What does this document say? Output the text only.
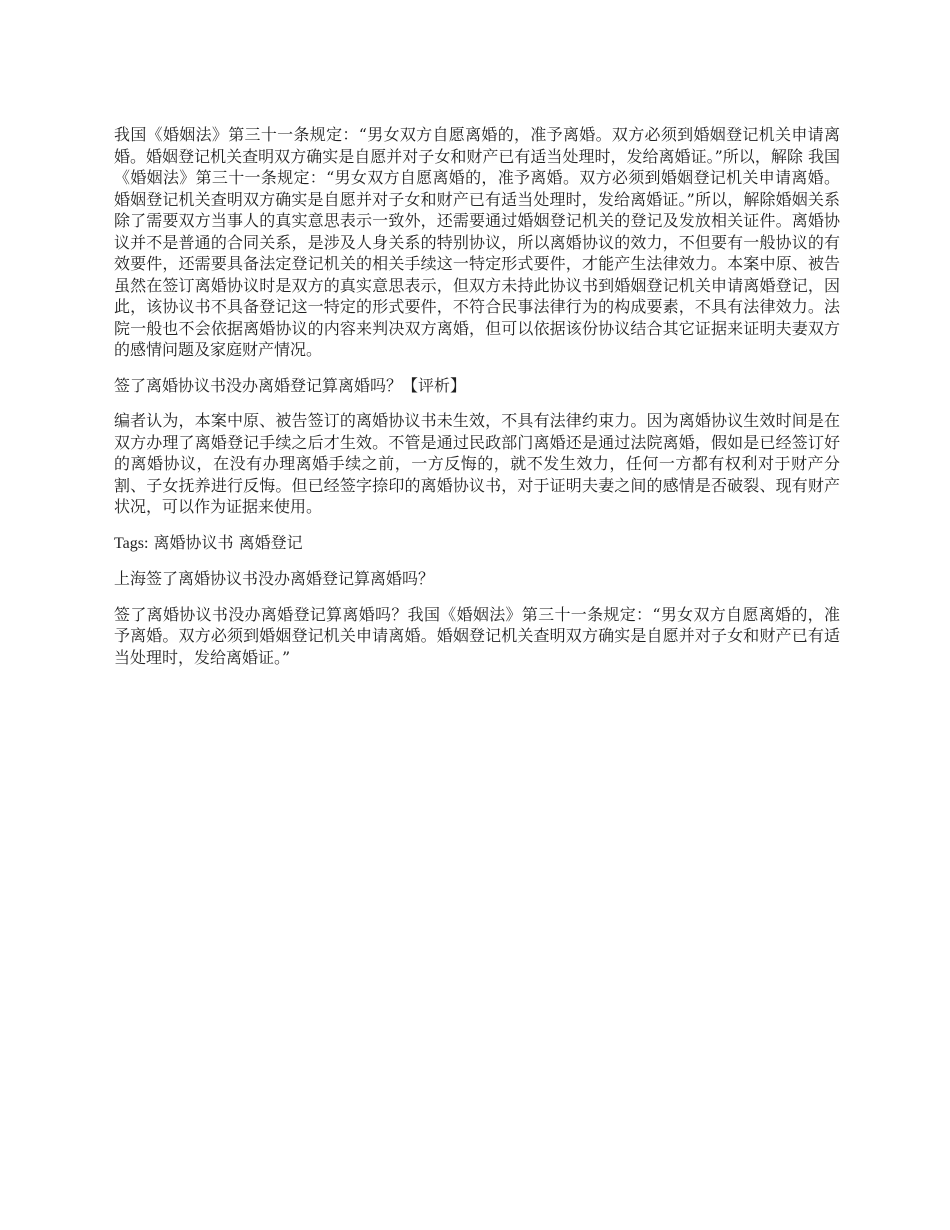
我国《婚姻法》第三十一条规定：“男女双方自愿离婚的，准予离婚。双方必须到婚姻登记机关申请离婚。婚姻登记机关查明双方确实是自愿并对子女和财产已有适当处理时，发给离婚证。”所以，解除 我国《婚姻法》第三十一条规定：“男女双方自愿离婚的，准予离婚。双方必须到婚姻登记机关申请离婚。婚姻登记机关查明双方确实是自愿并对子女和财产已有适当处理时，发给离婚证。”所以，解除婚姻关系除了需要双方当事人的真实意思表示一致外，还需要通过婚姻登记机关的登记及发放相关证件。离婚协议并不是普通的合同关系，是涉及人身关系的特别协议，所以离婚协议的效力，不但要有一般协议的有效要件，还需要具备法定登记机关的相关手续这一特定形式要件，才能产生法律效力。本案中原、被告虽然在签订离婚协议时是双方的真实意思表示，但双方未持此协议书到婚姻登记机关申请离婚登记，因此，该协议书不具备登记这一特定的形式要件，不符合民事法律行为的构成要素，不具有法律效力。法院一般也不会依据离婚协议的内容来判决双方离婚，但可以依据该份协议结合其它证据来证明夫妻双方的感情问题及家庭财产情况。

签了离婚协议书没办离婚登记算离婚吗？【评析】

编者认为，本案中原、被告签订的离婚协议书未生效，不具有法律约束力。因为离婚协议生效时间是在双方办理了离婚登记手续之后才生效。不管是通过民政部门离婚还是通过法院离婚，假如是已经签订好的离婚协议，在没有办理离婚手续之前，一方反悔的，就不发生效力，任何一方都有权利对于财产分割、子女抚养进行反悔。但已经签字捺印的离婚协议书，对于证明夫妻之间的感情是否破裂、现有财产状况，可以作为证据来使用。

Tags: 离婚协议书 离婚登记

上海签了离婚协议书没办离婚登记算离婚吗？

签了离婚协议书没办离婚登记算离婚吗？我国《婚姻法》第三十一条规定：“男女双方自愿离婚的，准予离婚。双方必须到婚姻登记机关申请离婚。婚姻登记机关查明双方确实是自愿并对子女和财产已有适当处理时，发给离婚证。”
